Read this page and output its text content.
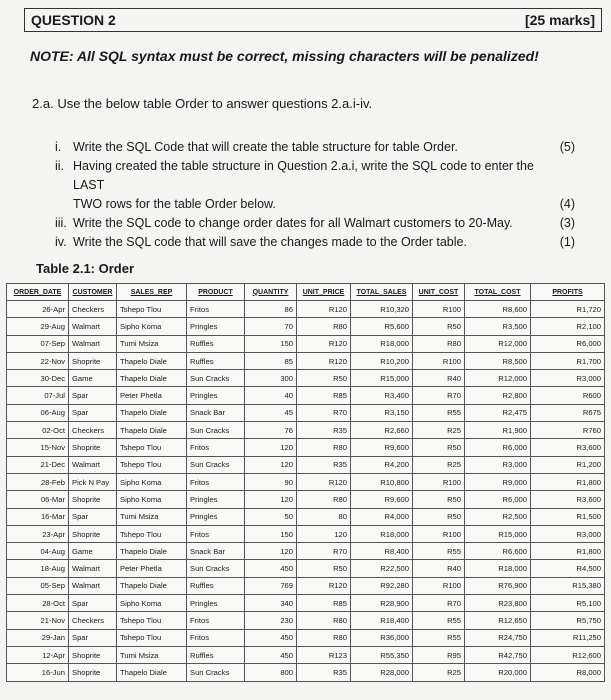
QUESTION 2	[25 marks]
NOTE: All SQL syntax must be correct, missing characters will be penalized!
2.a. Use the below table Order to answer questions 2.a.i-iv.
i. Write the SQL Code that will create the table structure for table Order.	(5)
ii. Having created the table structure in Question 2.a.i, write the SQL code to enter the LAST
TWO rows for the table Order below.	(4)
iii. Write the SQL code to change order dates for all Walmart customers to 20-May.	(3)
iv. Write the SQL code that will save the changes made to the Order table.	(1)
Table 2.1: Order
ORDER_DATE	CUSTOMER	SALES_REP	PRODUCT	QUANTITY	UNIT_PRICE	TOTAL_SALES	UNIT_COST	TOTAL_COST	PROFITS
26-Apr	Checkers	Tshepo Tlou	Fritos	86	R120	R10,320	R100	R8,600	R1,720
29-Aug	Walmart	Sipho Koma	Pringles	70	R80	R5,600	R50	R3,500	R2,100
07-Sep	Walmart	Tumi Msiza	Ruffles	150	R120	R18,000	R80	R12,000	R6,000
22-Nov	Shoprite	Thapelo Diale	Ruffles	85	R120	R10,200	R100	R8,500	R1,700
30-Dec	Game	Thapelo Diale	Sun Cracks	300	R50	R15,000	R40	R12,000	R3,000
07-Jul	Spar	Peter Phetla	Pringles	40	R85	R3,400	R70	R2,800	R600
06-Aug	Spar	Thapelo Diale	Snack Bar	45	R70	R3,150	R55	R2,475	R675
02-Oct	Checkers	Thapelo Diale	Sun Cracks	76	R35	R2,660	R25	R1,900	R760
15-Nov	Shoprite	Tshepo Tlou	Fritos	120	R80	R9,600	R50	R6,000	R3,600
21-Dec	Walmart	Tshepo Tlou	Sun Cracks	120	R35	R4,200	R25	R3,000	R1,200
28-Feb	Pick N Pay	Sipho Koma	Fritos	90	R120	R10,800	R100	R9,000	R1,800
06-Mar	Shoprite	Sipho Koma	Pringles	120	R80	R9,600	R50	R6,000	R3,600
16-Mar	Spar	Tumi Msiza	Pringles	50	80	R4,000	R50	R2,500	R1,500
23-Apr	Shoprite	Tshepo Tlou	Fritos	150	120	R18,000	R100	R15,000	R3,000
04-Aug	Game	Thapelo Diale	Snack Bar	120	R70	R8,400	R55	R6,600	R1,800
18-Aug	Walmart	Peter Phetla	Sun Cracks	450	R50	R22,500	R40	R18,000	R4,500
05-Sep	Walmart	Thapelo Diale	Ruffles	769	R120	R92,280	R100	R76,900	R15,380
28-Oct	Spar	Sipho Koma	Pringles	340	R85	R28,900	R70	R23,800	R5,100
21-Nov	Checkers	Tshepo Tlou	Fritos	230	R80	R18,400	R55	R12,650	R5,750
29-Jan	Spar	Tshepo Tlou	Fritos	450	R80	R36,000	R55	R24,750	R11,250
12-Apr	Shoprite	Tumi Msiza	Ruffles	450	R123	R55,350	R95	R42,750	R12,600
16-Jun	Shoprite	Thapelo Diale	Sun Cracks	800	R35	R28,000	R25	R20,000	R8,000
